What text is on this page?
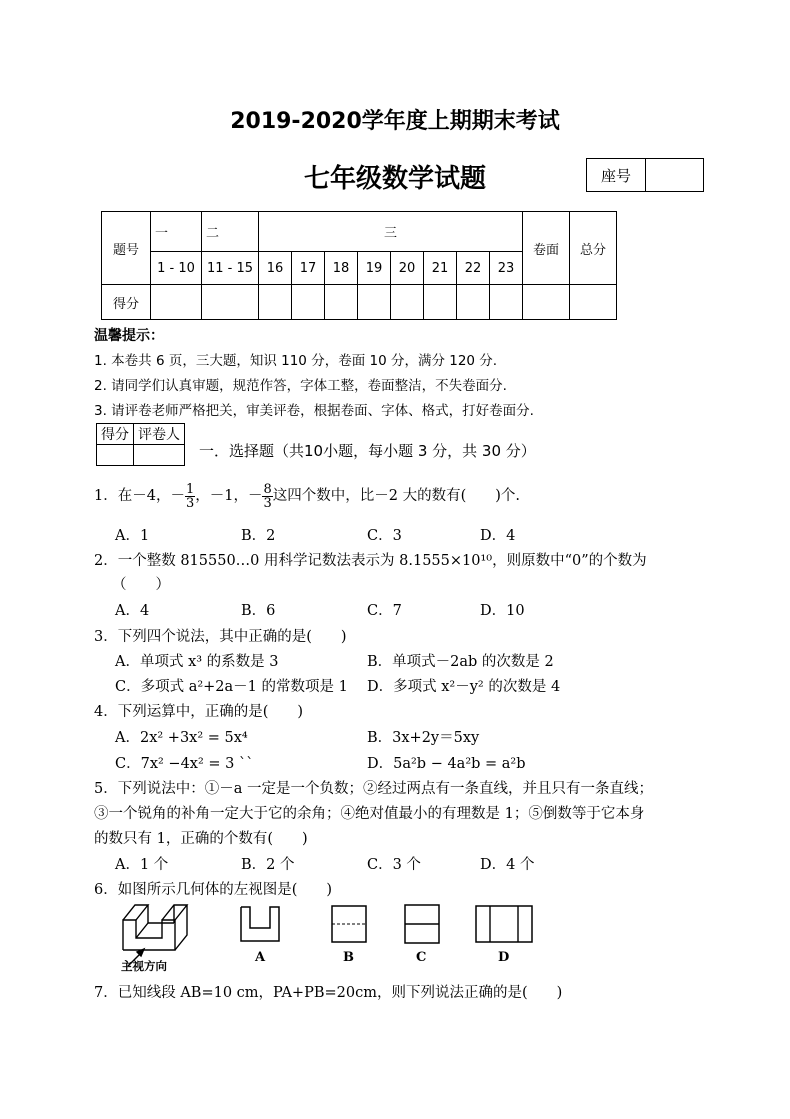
2019-2020学年度上期期末考试
七年级数学试题	座号
题号	一	二	三								卷面	总分
	1 - 10	11 - 15	16	17	18	19	20	21	22	23		
得分												
温馨提示：
1. 本卷共 6 页，三大题，知识 110 分，卷面 10 分，满分 120 分.
2. 请同学们认真审题，规范作答，字体工整，卷面整洁，不失卷面分.
3. 请评卷老师严格把关，审美评卷，根据卷面、字体、格式，打好卷面分.
得分	评卷人

一．选择题（共10小题，每小题 3 分，共 30 分）
1．在－4，－ $\frac{1}{3}$ ，－1，－ $\frac{8}{3}$ 这四个数中，比－2 大的数有(　　)个.
A．1	B．2	C．3	D．4
2．一个整数 815550…0 用科学记数法表示为 8.1555×10¹⁰，则原数中“0”的个数为
（　　）
A．4	B．6	C．7	D．10
3．下列四个说法，其中正确的是(　　)
A．单项式 x³ 的系数是 3	B．单项式－2ab 的次数是 2
C．多项式 a²+2a－1 的常数项是 1 D．多项式 x²－y² 的次数是 4
4．下列运算中，正确的是(　　)
A．2x² +3x² = 5x⁴	B．3x+2y＝5xy
C．7x² −4x² = 3 ``	D．5a²b − 4a²b = a²b
5．下列说法中：①－a 一定是一个负数；②经过两点有一条直线，并且只有一条直线；
③一个锐角的补角一定大于它的余角；④绝对值最小的有理数是 1；⑤倒数等于它本身
的数只有 1，正确的个数有(　　)
A．1 个	B．2 个	C．3 个	D．4 个
6．如图所示几何体的左视图是(　　)
主视方向
A	B	C	D
7．已知线段 AB=10 cm，PA+PB=20cm，则下列说法正确的是(　　)
